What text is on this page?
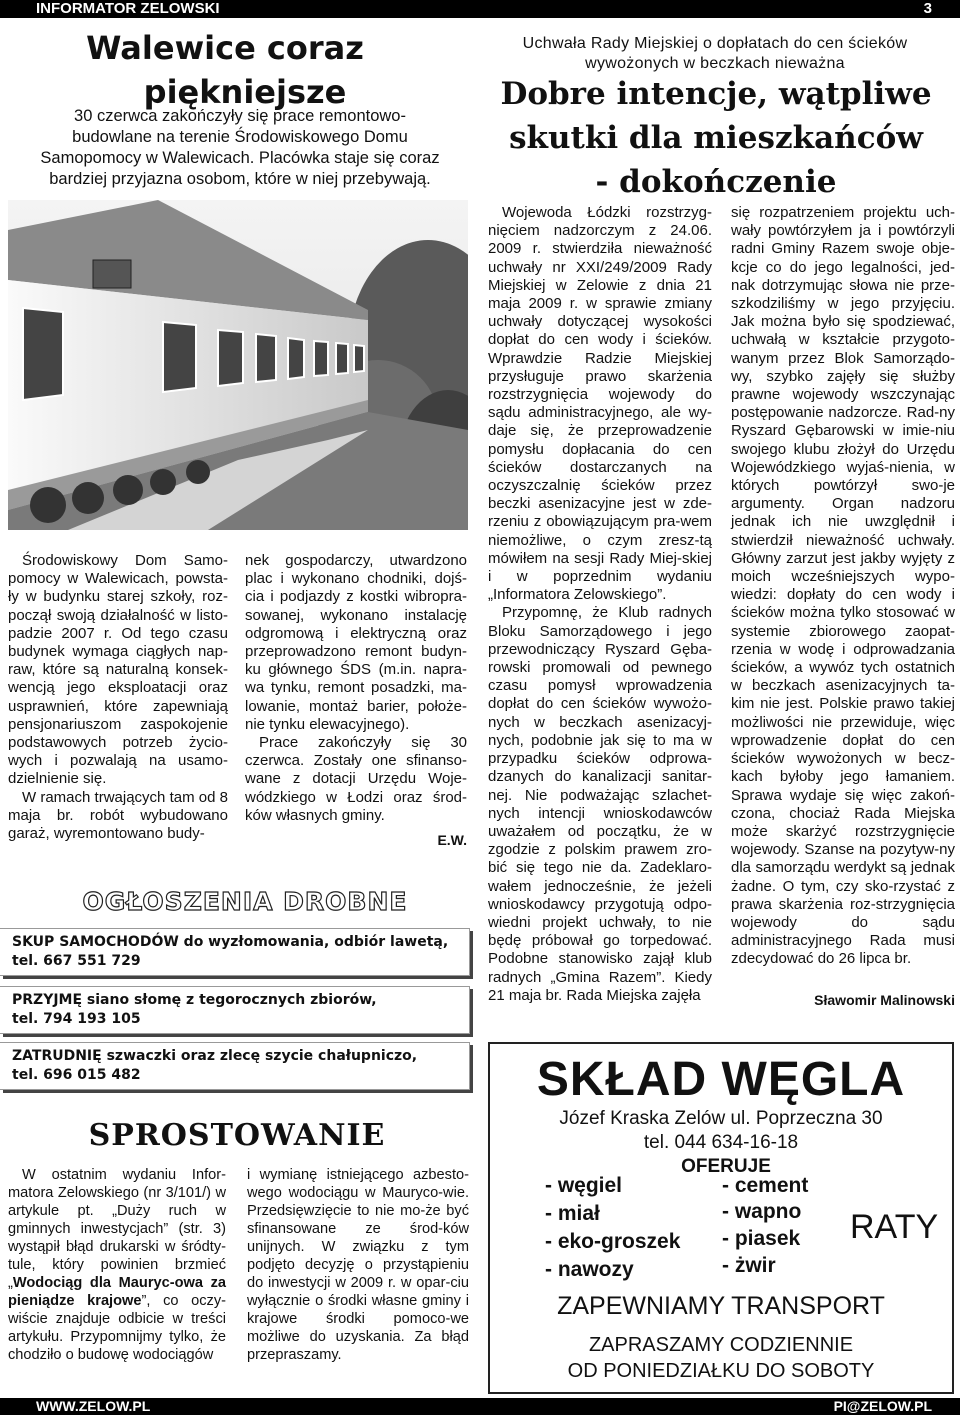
INFORMATOR ZELOWSKI	3
Walewice coraz
piękniejsze
30 czerwca zakończyły się prace remontowo-
budowlane na terenie Środowiskowego Domu
Samopomocy w Walewicach. Placówka staje się coraz
bardziej przyjazna osobom, które w niej przebywają.

Środowiskowy Dom Samo-pomocy w Walewicach, powsta-ły w budynku starej szkoły, roz-począł swoją działalność w listo-padzie 2007 r. Od tego czasu budynek wymaga ciągłych nap-raw, które są naturalną konsek-wencją jego eksploatacji oraz usprawnień, które zapewniają pensjonariuszom zaspokojenie podstawowych potrzeb życio-wych i pozwalają na usamo-dzielnienie się.

W ramach trwających tam od 8 maja br. robót wybudowano garaż, wyremontowano budy-

nek gospodarczy, utwardzono plac i wykonano chodniki, dojś-cia i podjazdy z kostki wibropra-sowanej, wykonano instalację odgromową i elektryczną oraz przeprowadzono remont budyn-ku głównego ŚDS (m.in. napra-wa tynku, remont posadzki, ma-lowanie, montaż barier, położe-nie tynku elewacyjnego).

Prace zakończyły się 30 czerwca. Zostały one sfinanso-wane z dotacji Urzędu Woje-wódzkiego w Łodzi oraz środ-ków własnych gminy.

E.W.
OGŁOSZENIA DROBNE
SKUP SAMOCHODÓW do wyzłomowania, odbiór lawetą,
tel. 667 551 729
PRZYJMĘ siano słomę z tegorocznych zbiorów,
tel. 794 193 105
ZATRUDNIĘ szwaczki oraz zlecę szycie chałupniczo,
tel. 696 015 482
SPROSTOWANIE

W ostatnim wydaniu Infor-matora Zelowskiego (nr 3/101/) w artykule pt. „Duży ruch w gminnych inwestycjach” (str. 3) wystąpił błąd drukarski w śródty-tule, który powinien brzmieć „Wodociąg dla Mauryc-owa za pieniądze krajowe”, co oczy-wiście znajduje odbicie w treści artykułu. Przypomnijmy tylko, że chodziło o budowę wodociągów

i wymianę istniejącego azbesto-wego wodociągu w Mauryco-wie. Przedsięwzięcie to nie mo-że być sfinansowane ze środ-ków unijnych. W związku z tym podjęto decyzję o przystąpieniu do inwestycji w 2009 r. w opar-ciu wyłącznie o środki własne gminy i krajowe środki pomoco-we możliwe do uzyskania. Za błąd przepraszamy.

Uchwała Rady Miejskiej o dopłatach do cen ścieków wywożonych w beczkach nieważna
Dobre intencje, wątpliwe
skutki dla mieszkańców
- dokończenie

Wojewoda Łódzki rozstrzyg-nięciem nadzorczym z 24.06. 2009 r. stwierdziła nieważność uchwały nr XXI/249/2009 Rady Miejskiej w Zelowie z dnia 21 maja 2009 r. w sprawie zmiany uchwały dotyczącej wysokości dopłat do cen wody i ścieków. Wprawdzie Radzie Miejskiej przysługuje prawo skarżenia rozstrzygnięcia wojewody do sądu administracyjnego, ale wy-daje się, że przeprowadzenie pomysłu dopłacania do cen ścieków dostarczanych na oczyszczalnię ścieków przez beczki asenizacyjne jest w zde-rzeniu z obowiązującym pra-wem niemożliwe, o czym zresz-tą mówiłem na sesji Rady Miej-skiej i w poprzednim wydaniu „Informatora Zelowskiego”.

Przypomnę, że Klub radnych Bloku Samorządowego i jego przewodniczący Ryszard Gęba-rowski promowali od pewnego czasu pomysł wprowadzenia dopłat do cen ścieków wywożo-nych w beczkach asenizacyj-nych, podobnie jak się to ma w przypadku ścieków odprowa-dzanych do kanalizacji sanitar-nej. Nie podważając szlachet-nych intencji wnioskodawców uważałem od początku, że w zgodzie z polskim prawem zro-bić się tego nie da. Zadeklaro-wałem jednocześnie, że jeżeli wnioskodawcy przygotują odpo-wiedni projekt uchwały, to nie będę próbował go torpedować. Podobne stanowisko zajął klub radnych „Gmina Razem”. Kiedy 21 maja br. Rada Miejska zajęła

się rozpatrzeniem projektu uch-wały powtórzyłem ja i powtórzyli radni Gminy Razem swoje obje-kcje co do jego legalności, jed-nak dotrzymując słowa nie prze-szkodziliśmy w jego przyjęciu. Jak można było się spodziewać, uchwałą w kształcie przygoto-wanym przez Blok Samorządo-wy, szybko zajęły się służby prawne wojewody wszczynając postępowanie nadzorcze. Rad-ny Ryszard Gębarowski w imie-niu swojego klubu złożył do Urzędu Wojewódzkiego wyjaś-nienia, w których powtórzył swo-je argumenty. Organ nadzoru jednak ich nie uwzględnił i stwierdził nieważność uchwały. Główny zarzut jest jakby wyjęty z moich wcześniejszych wypo-wiedzi: dopłaty do cen wody i ścieków można tylko stosować w systemie zbiorowego zaopat-rzenia w wodę i odprowadzania ścieków, a wywóz tych ostatnich w beczkach asenizacyjnych ta-kim nie jest. Polskie prawo takiej możliwości nie przewiduje, więc wprowadzenie dopłat do cen ścieków wywożonych w becz-kach byłoby jego łamaniem. Sprawa wydaje się więc zakoń-czona, chociaż Rada Miejska może skarżyć rozstrzygnięcie wojewody. Szanse na pozytyw-ny dla samorządu werdykt są jednak żadne. O tym, czy sko-rzystać z prawa skarżenia roz-strzygnięcia wojewody do sądu administracyjnego Rada musi zdecydować do 26 lipca br.

Sławomir Malinowski
SKŁAD WĘGLA
Józef Kraska Zelów ul. Poprzeczna 30
tel. 044 634-16-18
OFERUJE
- węgiel
- miał
- eko-groszek
- nawozy
- cement
- wapno
- piasek
- żwir
RATY
ZAPEWNIAMY TRANSPORT
ZAPRASZAMY CODZIENNIE
OD PONIEDZIAŁKU DO SOBOTY
WWW.ZELOW.PL	PI@ZELOW.PL
